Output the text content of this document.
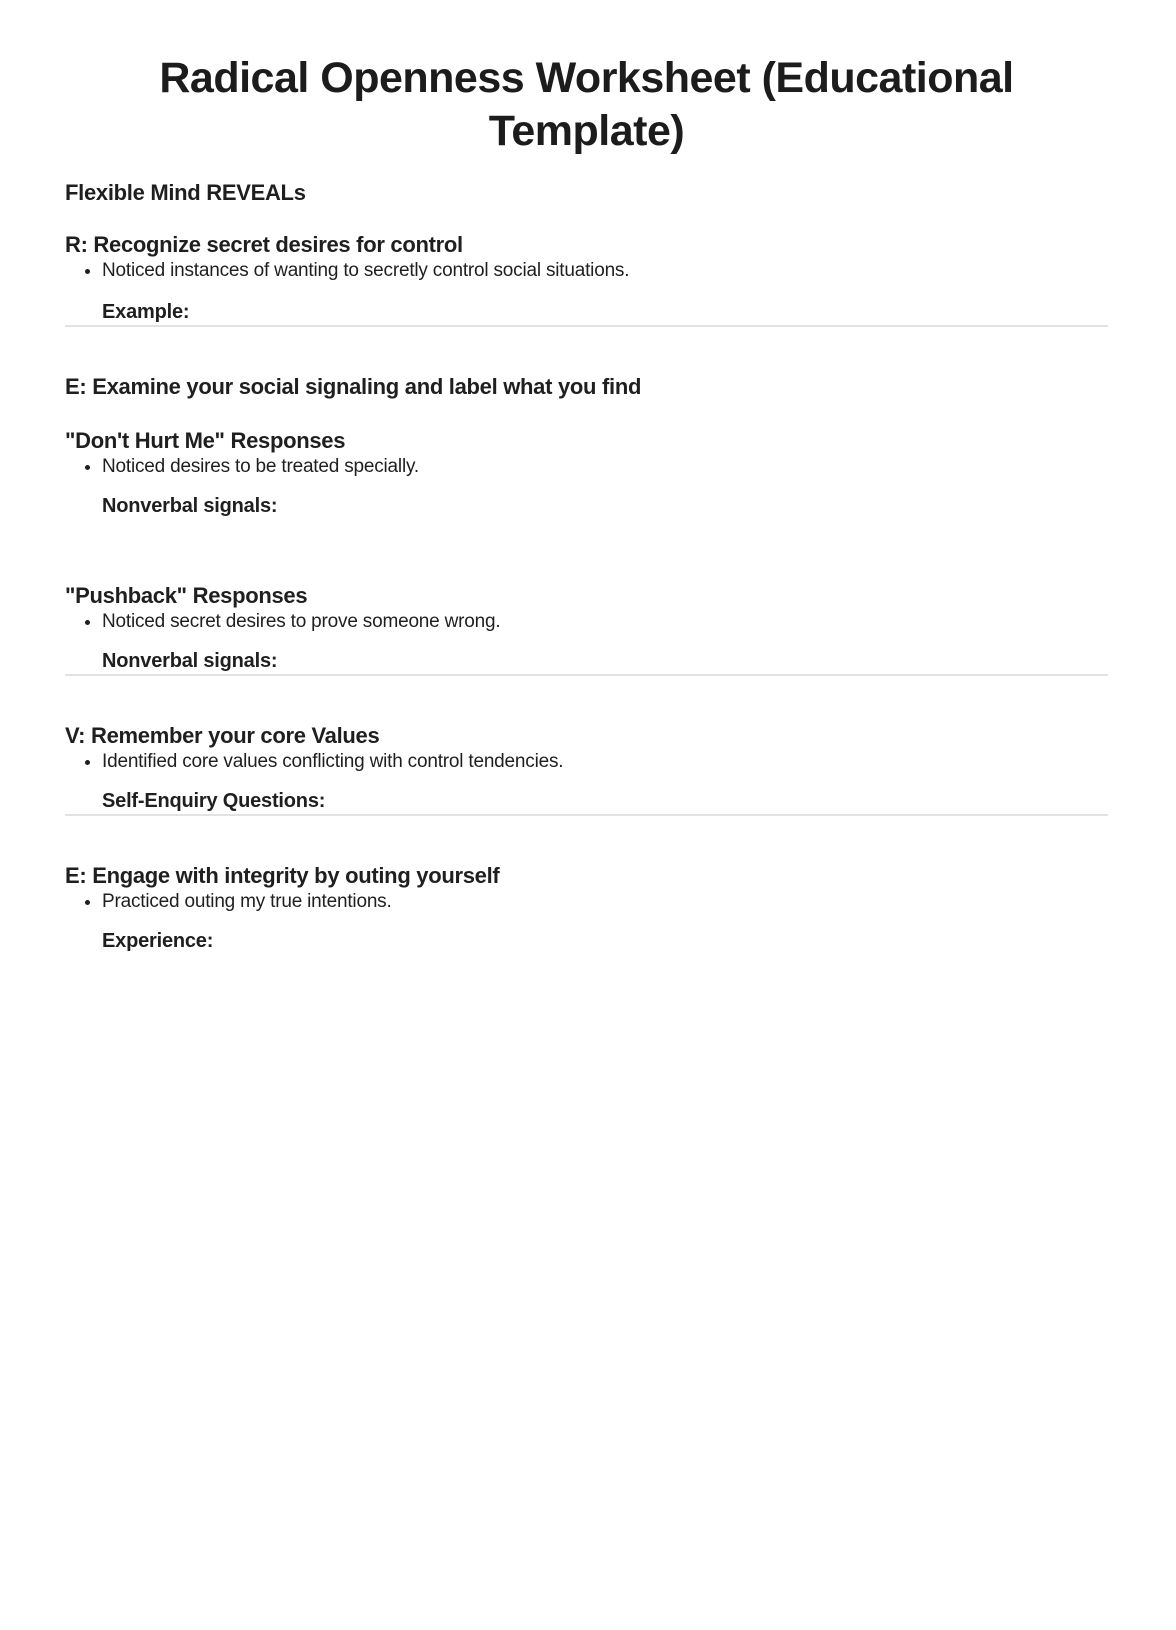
Radical Openness Worksheet (Educational Template)
Flexible Mind REVEALs
R: Recognize secret desires for control
• Noticed instances of wanting to secretly control social situations.
Example:
E: Examine your social signaling and label what you find
"Don't Hurt Me" Responses
• Noticed desires to be treated specially.
Nonverbal signals:
"Pushback" Responses
• Noticed secret desires to prove someone wrong.
Nonverbal signals:
V: Remember your core Values
• Identified core values conflicting with control tendencies.
Self-Enquiry Questions:
E: Engage with integrity by outing yourself
• Practiced outing my true intentions.
Experience:
